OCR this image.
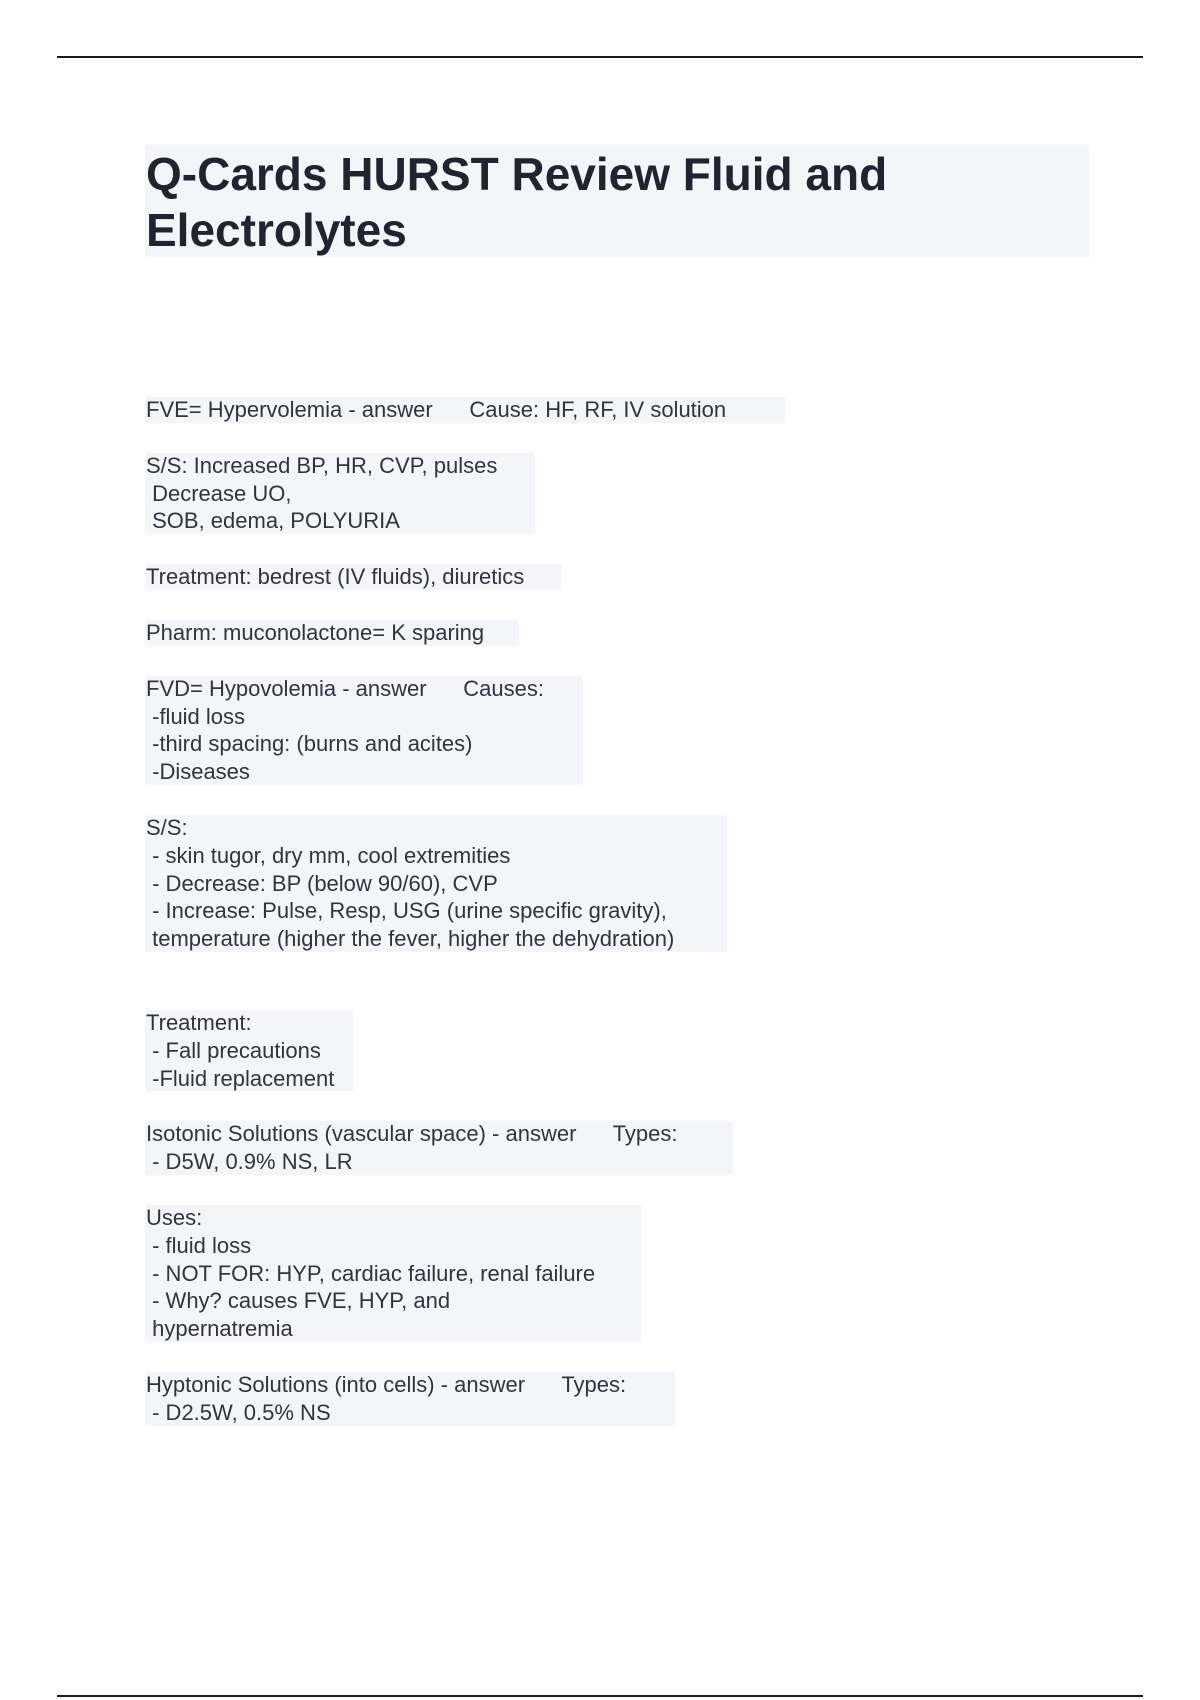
Q-Cards HURST Review Fluid and Electrolytes
FVE= Hypervolemia - answer      Cause: HF, RF, IV solution
S/S: Increased BP, HR, CVP, pulses
Decrease UO,
SOB, edema, POLYURIA
Treatment: bedrest (IV fluids), diuretics
Pharm: muconolactone= K sparing
FVD= Hypovolemia - answer      Causes:
-fluid loss
-third spacing: (burns and acites)
-Diseases
S/S:
- skin tugor, dry mm, cool extremities
- Decrease: BP (below 90/60), CVP
- Increase: Pulse, Resp, USG (urine specific gravity),
temperature (higher the fever, higher the dehydration)
Treatment:
- Fall precautions
-Fluid replacement
Isotonic Solutions (vascular space) - answer      Types:
- D5W, 0.9% NS, LR
Uses:
- fluid loss
- NOT FOR: HYP, cardiac failure, renal failure
- Why? causes FVE, HYP, and
hypernatremia
Hyptonic Solutions (into cells) - answer      Types:
- D2.5W, 0.5% NS
